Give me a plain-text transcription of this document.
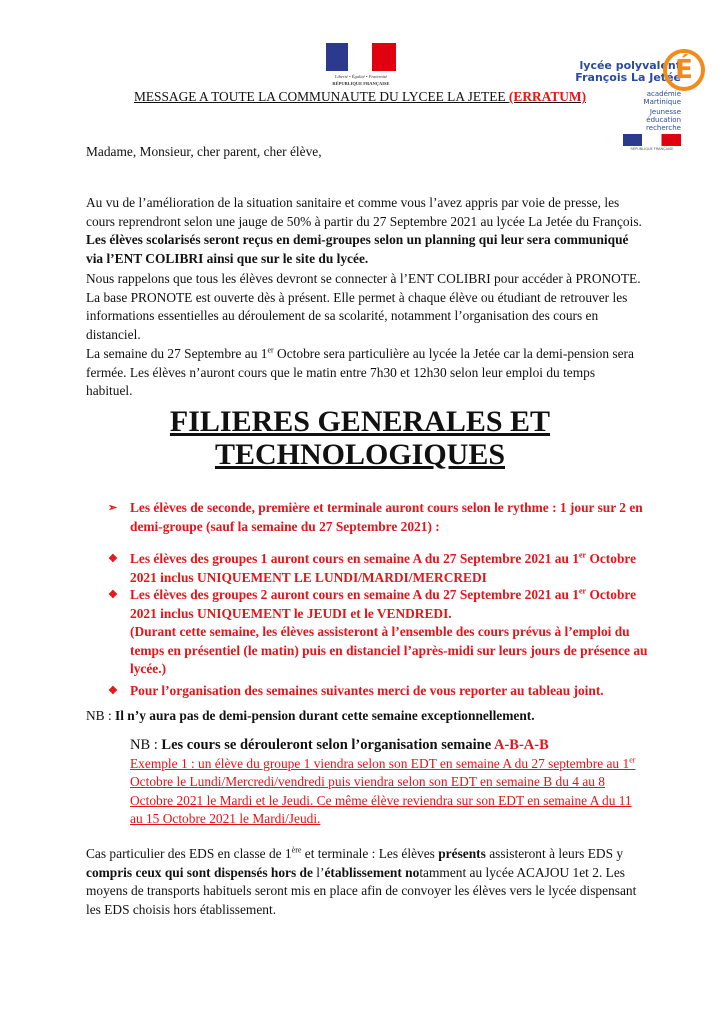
Liberté • Égalité • Fraternité
RÉPUBLIQUE FRANÇAISE
MESSAGE A TOUTE LA COMMUNAUTE DU LYCEE LA JETEE (ERRATUM)
lycée polyvalent
François La Jetée
É
académie
Martinique
Jeunesse
éducation
recherche
RÉPUBLIQUE FRANÇAISE
Madame, Monsieur, cher parent, cher élève,
Au vu de l’amélioration de la situation sanitaire et comme vous l’avez appris par voie de presse, les cours reprendront selon une jauge de 50% à partir du 27 Septembre 2021 au lycée La Jetée du François. Les élèves scolarisés seront reçus en demi-groupes selon un planning qui leur sera communiqué via l’ENT COLIBRI ainsi que sur le site du lycée.
Nous rappelons que tous les élèves devront se connecter à l’ENT COLIBRI pour accéder à PRONOTE. La base PRONOTE est ouverte dès à présent. Elle permet à chaque élève ou étudiant de retrouver les informations essentielles au déroulement de sa scolarité, notamment l’organisation des cours en distanciel.
La semaine du 27 Septembre au 1er Octobre sera particulière au lycée la Jetée car la demi-pension sera fermée. Les élèves n’auront cours que le matin entre 7h30 et 12h30 selon leur emploi du temps habituel.
FILIERES GENERALES ET
TECHNOLOGIQUES
➢ Les élèves de seconde, première et terminale auront cours selon le rythme : 1 jour sur 2 en demi-groupe (sauf la semaine du 27 Septembre 2021) :
❖ Les élèves des groupes 1 auront cours en semaine A du 27 Septembre 2021 au 1er Octobre 2021 inclus UNIQUEMENT LE LUNDI/MARDI/MERCREDI
❖ Les élèves des groupes 2 auront cours en semaine A du 27 Septembre 2021 au 1er Octobre 2021 inclus UNIQUEMENT le JEUDI et le VENDREDI.
(Durant cette semaine, les élèves assisteront à l’ensemble des cours prévus à l’emploi du temps en présentiel (le matin) puis en distanciel l’après-midi sur leurs jours de présence au lycée.)
❖ Pour l’organisation des semaines suivantes merci de vous reporter au tableau joint.
NB : Il n’y aura pas de demi-pension durant cette semaine exceptionnellement.
NB : Les cours se dérouleront selon l’organisation semaine A-B-A-B
Exemple 1 : un élève du groupe 1 viendra selon son EDT en semaine A du 27 septembre au 1er Octobre le Lundi/Mercredi/vendredi puis viendra selon son EDT en semaine B du 4 au 8 Octobre 2021 le Mardi et le Jeudi. Ce même élève reviendra sur son EDT en semaine A du 11 au 15 Octobre 2021 le Mardi/Jeudi.
Cas particulier des EDS en classe de 1ère et terminale : Les élèves présents assisteront à leurs EDS y compris ceux qui sont dispensés hors de l’établissement notamment au lycée ACAJOU 1et 2. Les moyens de transports habituels seront mis en place afin de convoyer les élèves vers le lycée dispensant les EDS choisis hors établissement.
